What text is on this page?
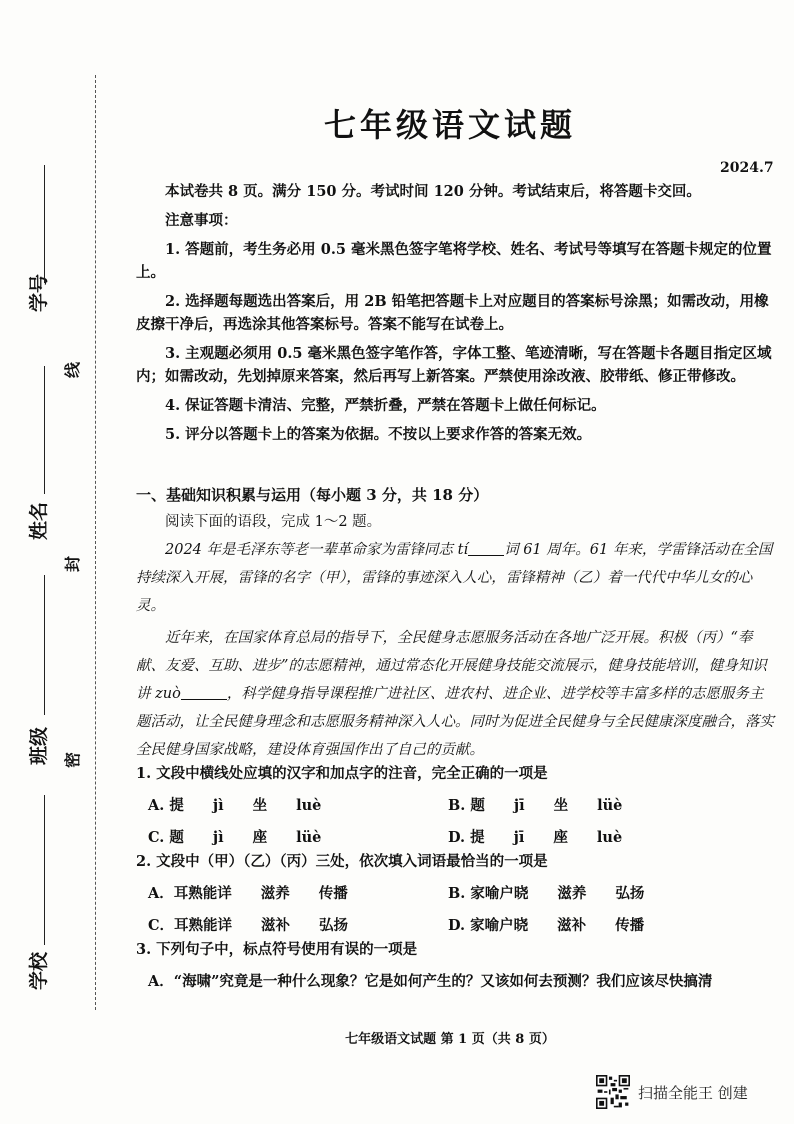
学号
姓名
班级
学校
线
封
密
七年级语文试题
2024.7

本试卷共 8 页。满分 150 分。考试时间 120 分钟。考试结束后，将答题卡交回。

注意事项：

1. 答题前，考生务必用 0.5 毫米黑色签字笔将学校、姓名、考试号等填写在答题卡规定的位置上。

2. 选择题每题选出答案后，用 2B 铅笔把答题卡上对应题目的答案标号涂黑；如需改动，用橡皮擦干净后，再选涂其他答案标号。答案不能写在试卷上。

3. 主观题必须用 0.5 毫米黑色签字笔作答，字体工整、笔迹清晰，写在答题卡各题目指定区域内；如需改动，先划掉原来答案，然后再写上新答案。严禁使用涂改液、胶带纸、修正带修改。

4. 保证答题卡清洁、完整，严禁折叠，严禁在答题卡上做任何标记。

5. 评分以答题卡上的答案为依据。不按以上要求作答的答案无效。

一、基础知识积累与运用（每小题 3 分，共 18 分）

阅读下面的语段，完成 1～2 题。

2024 年是毛泽东等老一辈革命家为雷锋同志 tí 词 61 周年。61 年来，学雷锋活动在全国持续深入开展，雷锋的名字（甲），雷锋的事迹深入人心，雷锋精神（乙）着一代代中华儿女的心灵。

近年来，在国家体育总局的指导下，全民健身志愿服务活动在各地广泛开展。积极（丙）“奉献、友爱、互助、进步”的志愿精神，通过常态化开展健身技能交流展示，健身技能培训，健身知识讲 zuò	，科学健身指导课程推广进社区、进农村、进企业、进学校等丰富多样的志愿服务主题活动，让全民健身理念和志愿服务精神深入人心。同时为促进全民健身与全民健康深度融合，落实全民健身国家战略，建设体育强国作出了自己的贡献。

1. 文段中横线处应填的汉字和加点字的注音，完全正确的一项是
A. 提　　jì　　坐　　luè	B. 题　　jī　　坐　　lüè
C. 题　　jì　　座　　lüè	D. 提　　jī　　座　　luè
2. 文段中（甲）（乙）（丙）三处，依次填入词语最恰当的一项是
A．耳熟能详　　滋养　　传播	B. 家喻户晓　　滋养　　弘扬
C．耳熟能详　　滋补　　弘扬	D. 家喻户晓　　滋补　　传播
3. 下列句子中，标点符号使用有误的一项是
A．“海啸”究竟是一种什么现象？它是如何产生的？又该如何去预测？我们应该尽快搞清
七年级语文试题 第 1 页（共 8 页）
扫描全能王 创建
